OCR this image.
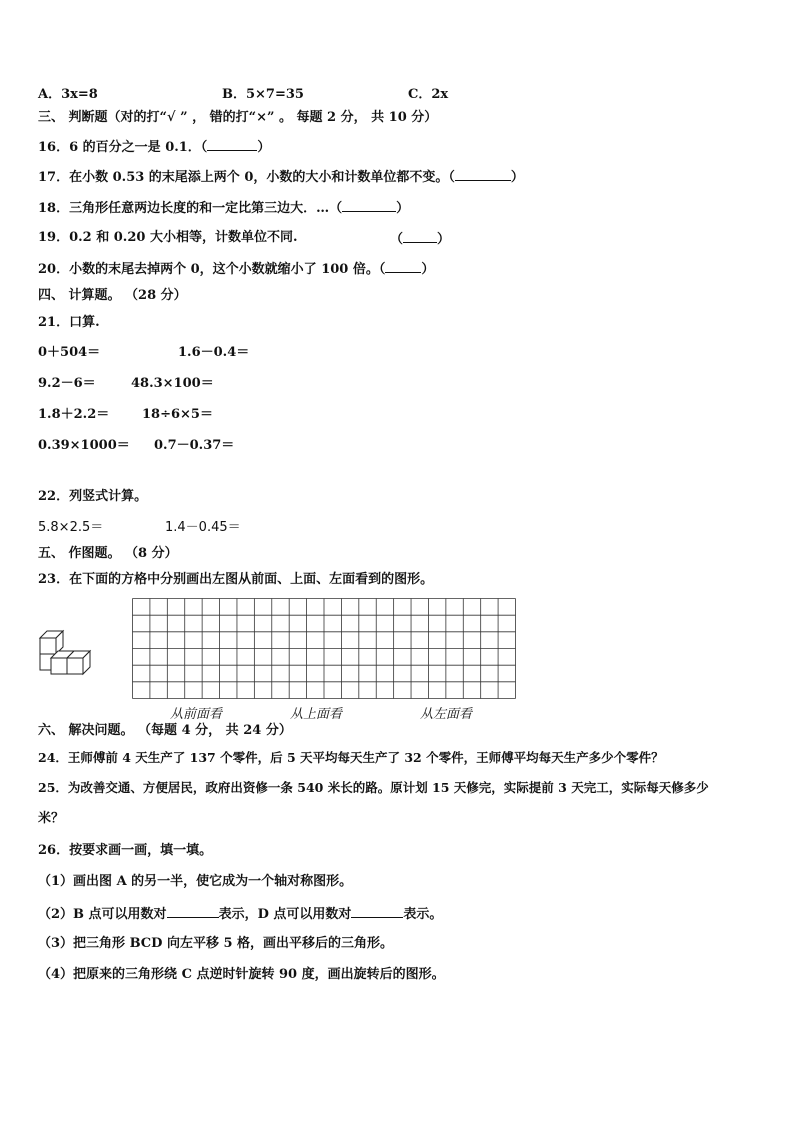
A．3x=8	B．5×7=35	C．2x
三、 判断题（对的打“√ ” ， 错的打“×” 。 每题 2 分， 共 10 分）
16．6 的百分之一是 0.1．（	）
17．在小数 0.53 的末尾添上两个 0，小数的大小和计数单位都不变。（	）
18．三角形任意两边长度的和一定比第三边大．…（	）
19．0.2 和 0.20 大小相等，计数单位不同.	（	）
20．小数的末尾去掉两个 0，这个小数就缩小了 100 倍。（	）
四、 计算题。 （28 分）
21．口算.
0＋504＝	1.6－0.4＝
9.2－6＝	48.3×100＝
1.8＋2.2＝	18÷6×5＝
0.39×1000＝ 0.7－0.37＝
22．列竖式计算。
5.8×2.5＝	1.4－0.45＝
五、 作图题。 （8 分）
23．在下面的方格中分别画出左图从前面、上面、左面看到的图形。
从前面看	从上面看	从左面看
六、 解决问题。 （每题 4 分， 共 24 分）
24．王师傅前 4 天生产了 137 个零件，后 5 天平均每天生产了 32 个零件，王师傅平均每天生产多少个零件？
25．为改善交通、方便居民，政府出资修一条 540 米长的路。原计划 15 天修完，实际提前 3 天完工，实际每天修多少
米？
26．按要求画一画，填一填。
（1）画出图 A 的另一半，使它成为一个轴对称图形。
（2）B 点可以用数对	表示，D 点可以用数对	表示。
（3）把三角形 BCD 向左平移 5 格，画出平移后的三角形。
（4）把原来的三角形绕 C 点逆时针旋转 90 度，画出旋转后的图形。
